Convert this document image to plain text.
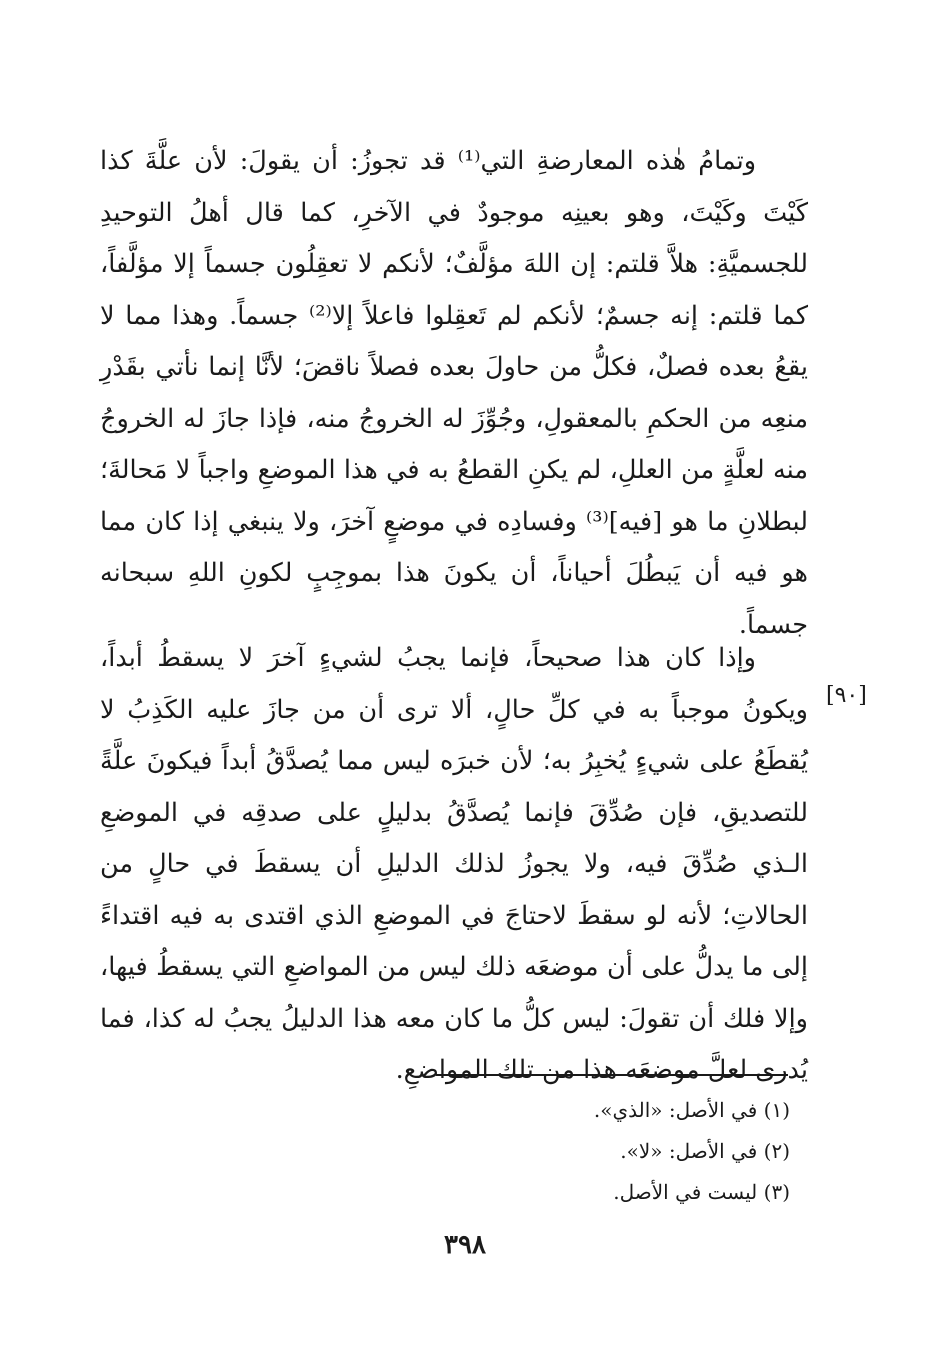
وتمامُ هٰذه المعارضةِ التي⁽¹⁾ قد تجوزُ: أن يقولَ: لأن علَّةَ كذا كَيْتَ وكَيْتَ، وهو بعينِه موجودٌ في الآخرِ، كما قال أهلُ التوحيدِ للجسميَّةِ: هلاَّ قلتم: إن اللهَ مؤلَّفٌ؛ لأنكم لا تعقِلُون جسماً إلا مؤلَّفاً، كما قلتم: إنه جسمٌ؛ لأنكم لم تَعقِلوا فاعلاً إلا⁽²⁾ جسماً. وهذا مما لا يقعُ بعده فصلٌ، فكلُّ من حاولَ بعده فصلاً ناقضَ؛ لأنَّا إنما نأتي بقَدْرِ منعِه من الحكمِ بالمعقولِ، وجُوِّزَ له الخروجُ منه، فإذا جازَ له الخروجُ منه لعلَّةٍ من العللِ، لم يكنِ القطعُ به في هذا الموضعِ واجباً لا مَحالةَ؛ لبطلانِ ما هو [فيه]⁽³⁾ وفسادِه في موضعٍ آخرَ، ولا ينبغي إذا كان مما هو فيه أن يَبطُلَ أحياناً، أن يكونَ هذا بموجِبٍ لكونِ اللهِ سبحانه جسماً.

[٩٠]

وإذا كان هذا صحيحاً، فإنما يجبُ لشيءٍ آخرَ لا يسقطُ أبداً، ويكونُ موجباً به في كلِّ حالٍ، ألا ترى أن من جازَ عليه الكَذِبُ لا يُقطَعُ على شيءٍ يُخبِرُ به؛ لأن خبرَه ليس مما يُصدَّقُ أبداً فيكونَ علَّةً للتصديقِ، فإن صُدِّقَ فإنما يُصدَّقُ بدليلٍ على صدقِه في الموضعِ الـذي صُدِّقَ فيه، ولا يجوزُ لذلك الدليلِ أن يسقطَ في حالٍ من الحالاتِ؛ لأنه لو سقطَ لاحتاجَ في الموضعِ الذي اقتدى به فيه اقتداءً إلى ما يدلُّ على أن موضعَه ذلك ليس من المواضعِ التي يسقطُ فيها، وإلا فلك أن تقولَ: ليس كلُّ ما كان معه هذا الدليلُ يجبُ له كذا، فما يُدرى لعلَّ موضعَه هذا من تلك المواضعِ.

(١) في الأصل: «الذي».
(٢) في الأصل: «لا».
(٣) ليست في الأصل.
٣٩٨
